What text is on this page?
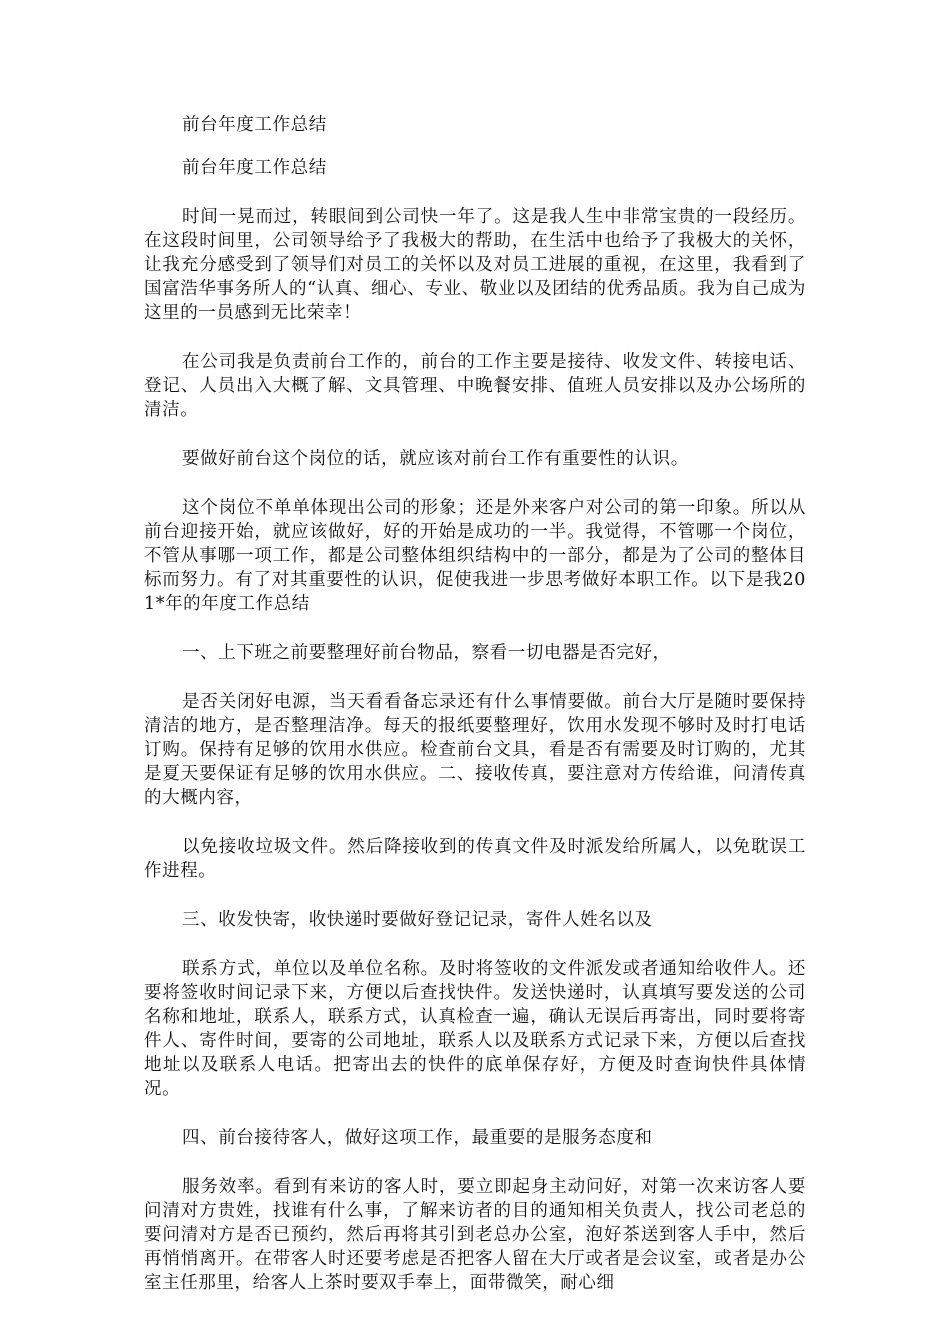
前台年度工作总结

前台年度工作总结

时间一晃而过，转眼间到公司快一年了。这是我人生中非常宝贵的一段经历。在这段时间里，公司领导给予了我极大的帮助，在生活中也给予了我极大的关怀，让我充分感受到了领导们对员工的关怀以及对员工进展的重视，在这里，我看到了国富浩华事务所人的“认真、细心、专业、敬业以及团结的优秀品质。我为自己成为这里的一员感到无比荣幸！

在公司我是负责前台工作的，前台的工作主要是接待、收发文件、转接电话、登记、人员出入大概了解、文具管理、中晚餐安排、值班人员安排以及办公场所的清洁。

要做好前台这个岗位的话，就应该对前台工作有重要性的认识。

这个岗位不单单体现出公司的形象；还是外来客户对公司的第一印象。所以从前台迎接开始，就应该做好，好的开始是成功的一半。我觉得，不管哪一个岗位，不管从事哪一项工作，都是公司整体组织结构中的一部分，都是为了公司的整体目标而努力。有了对其重要性的认识，促使我进一步思考做好本职工作。以下是我201*年的年度工作总结

一、上下班之前要整理好前台物品，察看一切电器是否完好，

是否关闭好电源，当天看看备忘录还有什么事情要做。前台大厅是随时要保持清洁的地方，是否整理洁净。每天的报纸要整理好，饮用水发现不够时及时打电话订购。保持有足够的饮用水供应。检查前台文具，看是否有需要及时订购的，尤其是夏天要保证有足够的饮用水供应。二、接收传真，要注意对方传给谁，问清传真的大概内容，

以免接收垃圾文件。然后降接收到的传真文件及时派发给所属人，以免耽误工作进程。

三、收发快寄，收快递时要做好登记记录，寄件人姓名以及

联系方式，单位以及单位名称。及时将签收的文件派发或者通知给收件人。还要将签收时间记录下来，方便以后查找快件。发送快递时，认真填写要发送的公司名称和地址，联系人，联系方式，认真检查一遍，确认无误后再寄出，同时要将寄件人、寄件时间，要寄的公司地址，联系人以及联系方式记录下来，方便以后查找地址以及联系人电话。把寄出去的快件的底单保存好，方便及时查询快件具体情况。

四、前台接待客人，做好这项工作，最重要的是服务态度和

服务效率。看到有来访的客人时，要立即起身主动问好，对第一次来访客人要问清对方贵姓，找谁有什么事，了解来访者的目的通知相关负责人，找公司老总的要问清对方是否已预约，然后再将其引到老总办公室，泡好茶送到客人手中，然后再悄悄离开。在带客人时还要考虑是否把客人留在大厅或者是会议室，或者是办公室主任那里，给客人上茶时要双手奉上，面带微笑，耐心细
